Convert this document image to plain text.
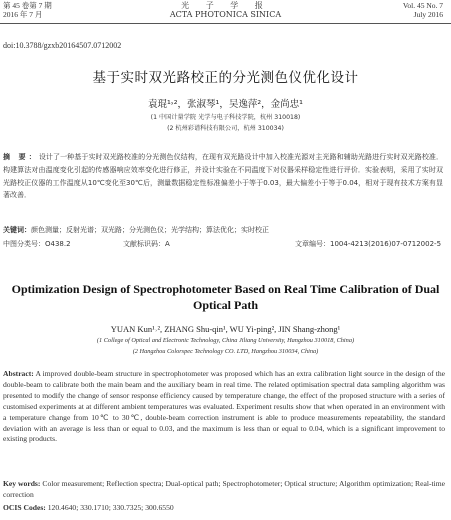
第 45 卷第 7 期
2016 年 7 月
光 子 学 报
ACTA PHOTONICA SINICA
Vol. 45 No. 7
July 2016
doi:10.3788/gzxb20164507.0712002
基于实时双光路校正的分光测色仪优化设计
袁琨¹˒²，张淑琴¹，吴逸萍²，金尚忠¹
(1 中国计量学院 光学与电子科技学院，杭州 310018)
(2 杭州彩谱科技有限公司，杭州 310034)

摘 要：设计了一种基于实时双光路校准的分光测色仪结构，在现有双光路设计中加入校准光源对主光路和辅助光路进行实时双光路校准．构建算法对由温度变化引起的传感器响应效率变化进行修正，并设计实验在不同温度下对仪器采样稳定性进行评价．实验表明，采用了实时双光路校正仪器的工作温度从10℃变化至30℃后，测量数据稳定性标准偏差小于等于0.03，最大偏差小于等于0.04，相对于现有技术方案有显著改善．

关键词：颜色测量；反射光谱；双光路；分光测色仪；光学结构；算法优化；实时校正
中图分类号：O438.2	文献标识码：A	文章编号：1004-4213(2016)07-0712002-5
Optimization Design of Spectrophotometer Based on Real Time Calibration of Dual Optical Path
YUAN Kun¹˒², ZHANG Shu-qin¹, WU Yi-ping², JIN Shang-zhong¹
(1 College of Optical and Electronic Technology, China Jiliang University, Hangzhou 310018, China)
(2 Hangzhou Colorspec Technology CO. LTD, Hangzhou 310034, China)

Abstract: A improved double-beam structure in spectrophotometer was proposed which has an extra calibration light source in the design of the double-beam to calibrate both the main beam and the auxiliary beam in real time. The related optimisation spectral data sampling algorithm was presented to modify the change of sensor response efficiency caused by temperature change, the effect of the proposed structure with a series of customised experiments at at different ambient temperatures was evaluated. Experiment results show that when operated in an environment with a temperature change from 10℃ to 30℃, double-beam correction instrument is able to produce measurements repeatability, the standard deviation with an average is less than or equal to 0.03, and the maximum is less than or equal to 0.04, which is a significant improvement to existing products.

Key words: Color measurement; Reflection spectra; Dual-optical path; Spectrophotometer; Optical structure; Algorithm optimization; Real-time correction

OCIS Codes: 120.4640; 330.1710; 330.7325; 300.6550
